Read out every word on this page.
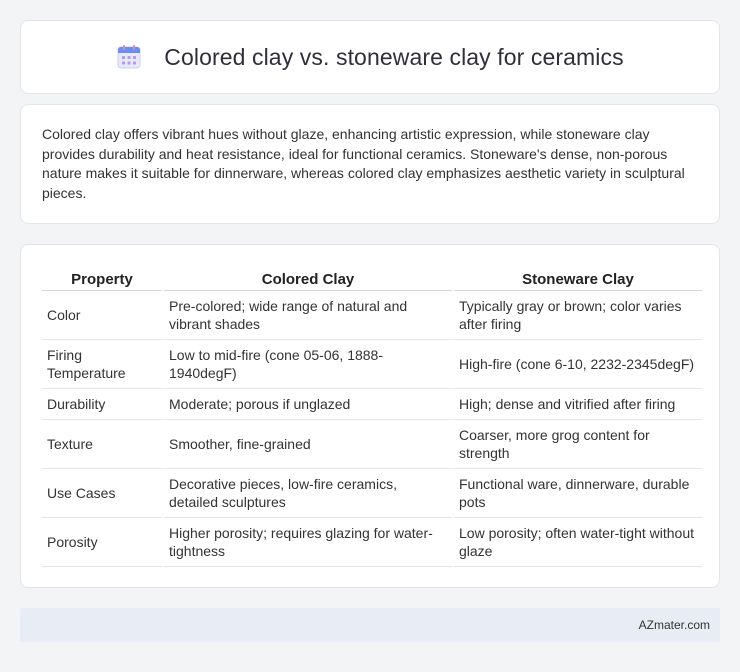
Colored clay vs. stoneware clay for ceramics

Colored clay offers vibrant hues without glaze, enhancing artistic expression, while stoneware clay provides durability and heat resistance, ideal for functional ceramics. Stoneware's dense, non-porous nature makes it suitable for dinnerware, whereas colored clay emphasizes aesthetic variety in sculptural pieces.

Property	Colored Clay	Stoneware Clay
Color	Pre-colored; wide range of natural and vibrant shades	Typically gray or brown; color varies after firing
Firing Temperature	Low to mid-fire (cone 05-06, 1888-1940degF)	High-fire (cone 6-10, 2232-2345degF)
Durability	Moderate; porous if unglazed	High; dense and vitrified after firing
Texture	Smoother, fine-grained	Coarser, more grog content for strength
Use Cases	Decorative pieces, low-fire ceramics, detailed sculptures	Functional ware, dinnerware, durable pots
Porosity	Higher porosity; requires glazing for water-tightness	Low porosity; often water-tight without glaze
AZmater.com
